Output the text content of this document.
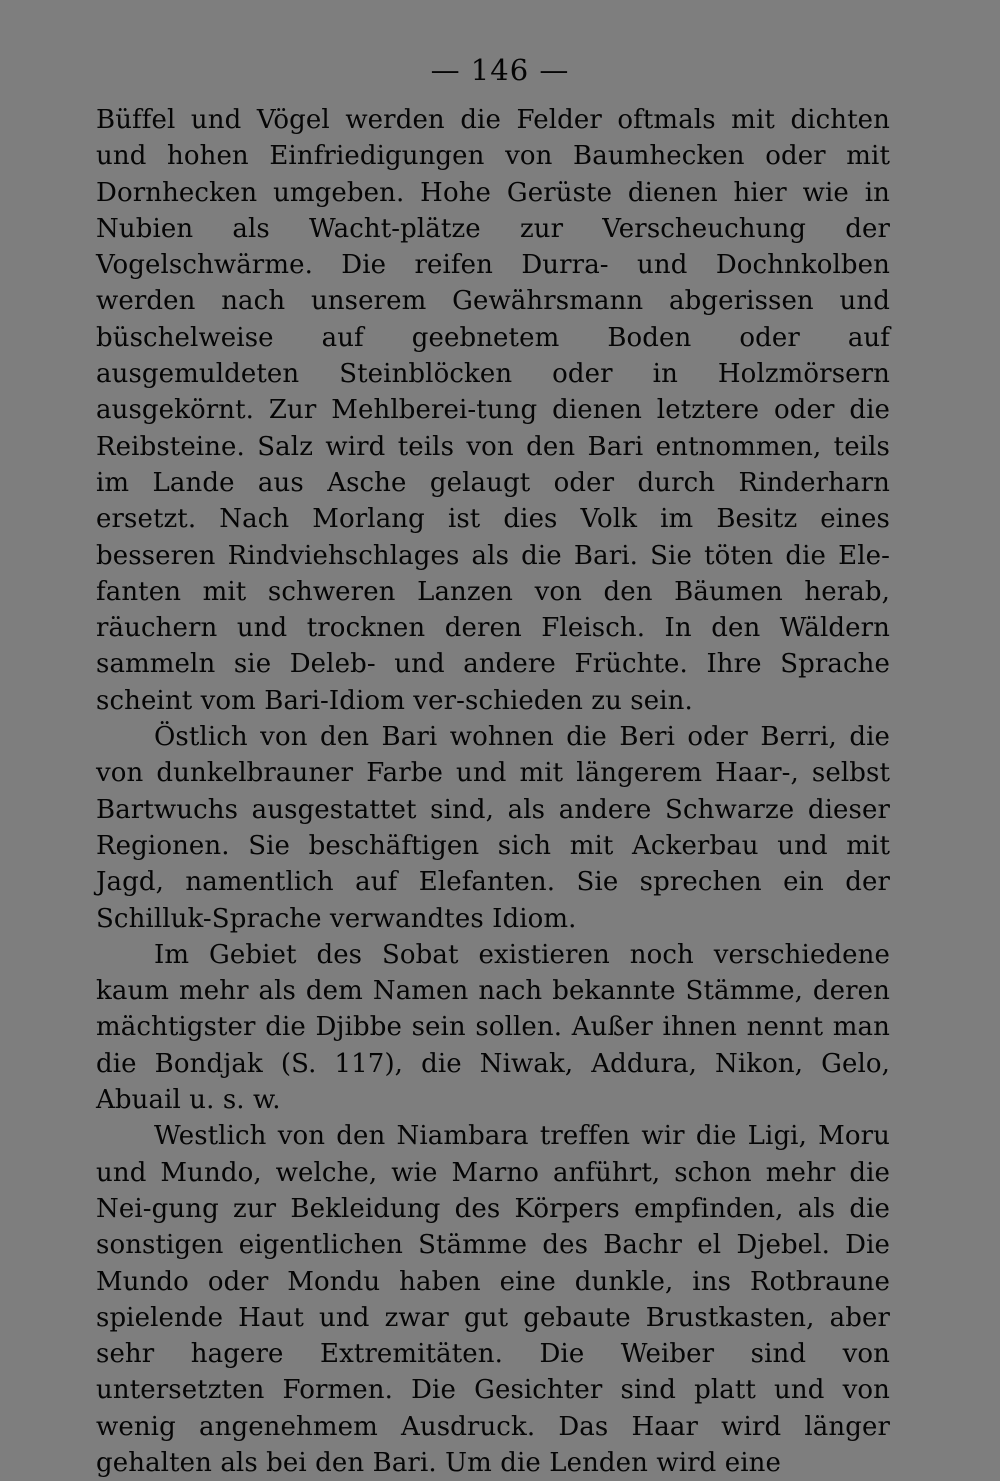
— 146 —

Büffel und Vögel werden die Felder oftmals mit dichten und hohen Einfriedigungen von Baumhecken oder mit Dornhecken umgeben. Hohe Gerüste dienen hier wie in Nubien als Wacht-plätze zur Verscheuchung der Vogelschwärme. Die reifen Durra- und Dochnkolben werden nach unserem Gewährsmann abgerissen und büschelweise auf geebnetem Boden oder auf ausgemuldeten Steinblöcken oder in Holzmörsern ausgekörnt. Zur Mehlberei-tung dienen letztere oder die Reibsteine. Salz wird teils von den Bari entnommen, teils im Lande aus Asche gelaugt oder durch Rinderharn ersetzt. Nach Morlang ist dies Volk im Besitz eines besseren Rindviehschlages als die Bari. Sie töten die Ele-fanten mit schweren Lanzen von den Bäumen herab, räuchern und trocknen deren Fleisch. In den Wäldern sammeln sie Deleb- und andere Früchte. Ihre Sprache scheint vom Bari-Idiom ver-schieden zu sein.

Östlich von den Bari wohnen die Beri oder Berri, die von dunkelbrauner Farbe und mit längerem Haar-, selbst Bartwuchs ausgestattet sind, als andere Schwarze dieser Regionen. Sie beschäftigen sich mit Ackerbau und mit Jagd, namentlich auf Elefanten. Sie sprechen ein der Schilluk-Sprache verwandtes Idiom.

Im Gebiet des Sobat existieren noch verschiedene kaum mehr als dem Namen nach bekannte Stämme, deren mächtigster die Djibbe sein sollen. Außer ihnen nennt man die Bondjak (S. 117), die Niwak, Addura, Nikon, Gelo, Abuail u. s. w.

Westlich von den Niambara treffen wir die Ligi, Moru und Mundo, welche, wie Marno anführt, schon mehr die Nei-gung zur Bekleidung des Körpers empfinden, als die sonstigen eigentlichen Stämme des Bachr el Djebel. Die Mundo oder Mondu haben eine dunkle, ins Rotbraune spielende Haut und zwar gut gebaute Brustkasten, aber sehr hagere Extremitäten. Die Weiber sind von untersetzten Formen. Die Gesichter sind platt und von wenig angenehmem Ausdruck. Das Haar wird länger gehalten als bei den Bari. Um die Lenden wird eine
